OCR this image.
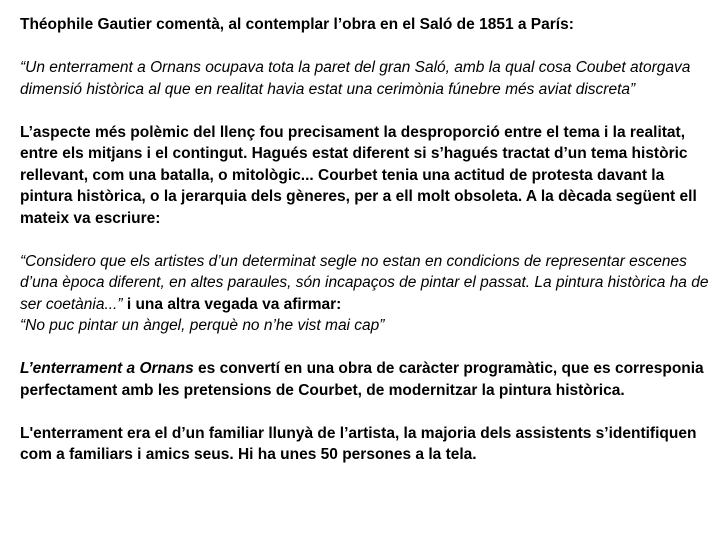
Théophile Gautier comentà, al contemplar l’obra en el Saló de 1851 a París:

“Un enterrament a Ornans ocupava tota la paret del gran Saló, amb la qual cosa Coubet atorgava dimensió històrica al que en realitat havia estat una cerimònia fúnebre més aviat discreta”

L’aspecte més polèmic del llenç fou precisament la desproporció entre el tema i la realitat, entre els mitjans i el contingut. Hagués estat diferent si s’hagués tractat d’un tema històric rellevant, com una batalla, o mitològic... Courbet tenia una actitud de protesta davant la pintura històrica, o la jerarquia dels gèneres, per a ell molt obsoleta. A la dècada següent ell mateix va escriure:

“Considero que els artistes d’un determinat segle no estan en condicions de representar escenes d’una època diferent, en altes paraules, són incapaços de pintar el passat. La pintura històrica ha de ser coetània...” i una altra vegada va afirmar:
“No puc pintar un àngel, perquè no n’he vist mai cap”

L’enterrament a Ornans es convertí en una obra de caràcter programàtic, que es corresponia perfectament amb les pretensions de Courbet, de modernitzar la pintura històrica.

L'enterrament era el d’un familiar llunyà de l’artista, la majoria dels assistents s’identifiquen com a familiars i amics seus. Hi ha unes 50 persones a la tela.
